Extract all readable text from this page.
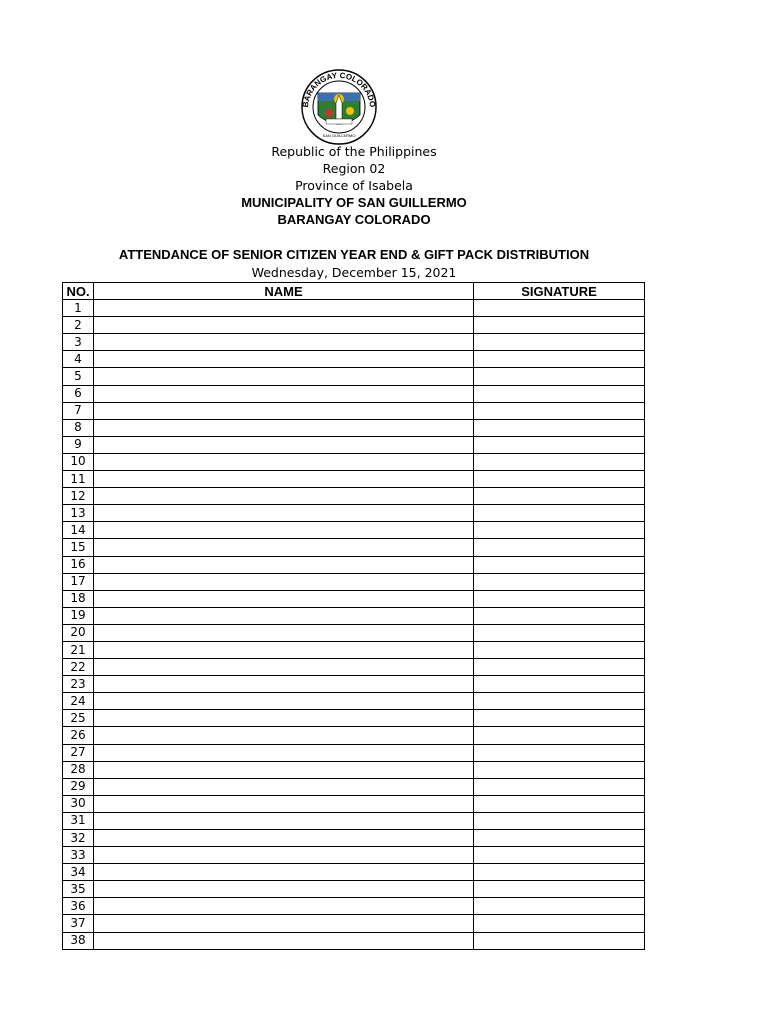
BARANGAY COLORADO
SAN GUILLERMO
Republic of the Philippines
Region 02
Province of Isabela
MUNICIPALITY OF SAN GUILLERMO
BARANGAY COLORADO
ATTENDANCE OF SENIOR CITIZEN YEAR END & GIFT PACK DISTRIBUTION
Wednesday, December 15, 2021
NO.	NAME	SIGNATURE
1		
2		
3		
4		
5		
6		
7		
8		
9		
10		
11		
12		
13		
14		
15		
16		
17		
18		
19		
20		
21		
22		
23		
24		
25		
26		
27		
28		
29		
30		
31		
32		
33		
34		
35		
36		
37		
38		
